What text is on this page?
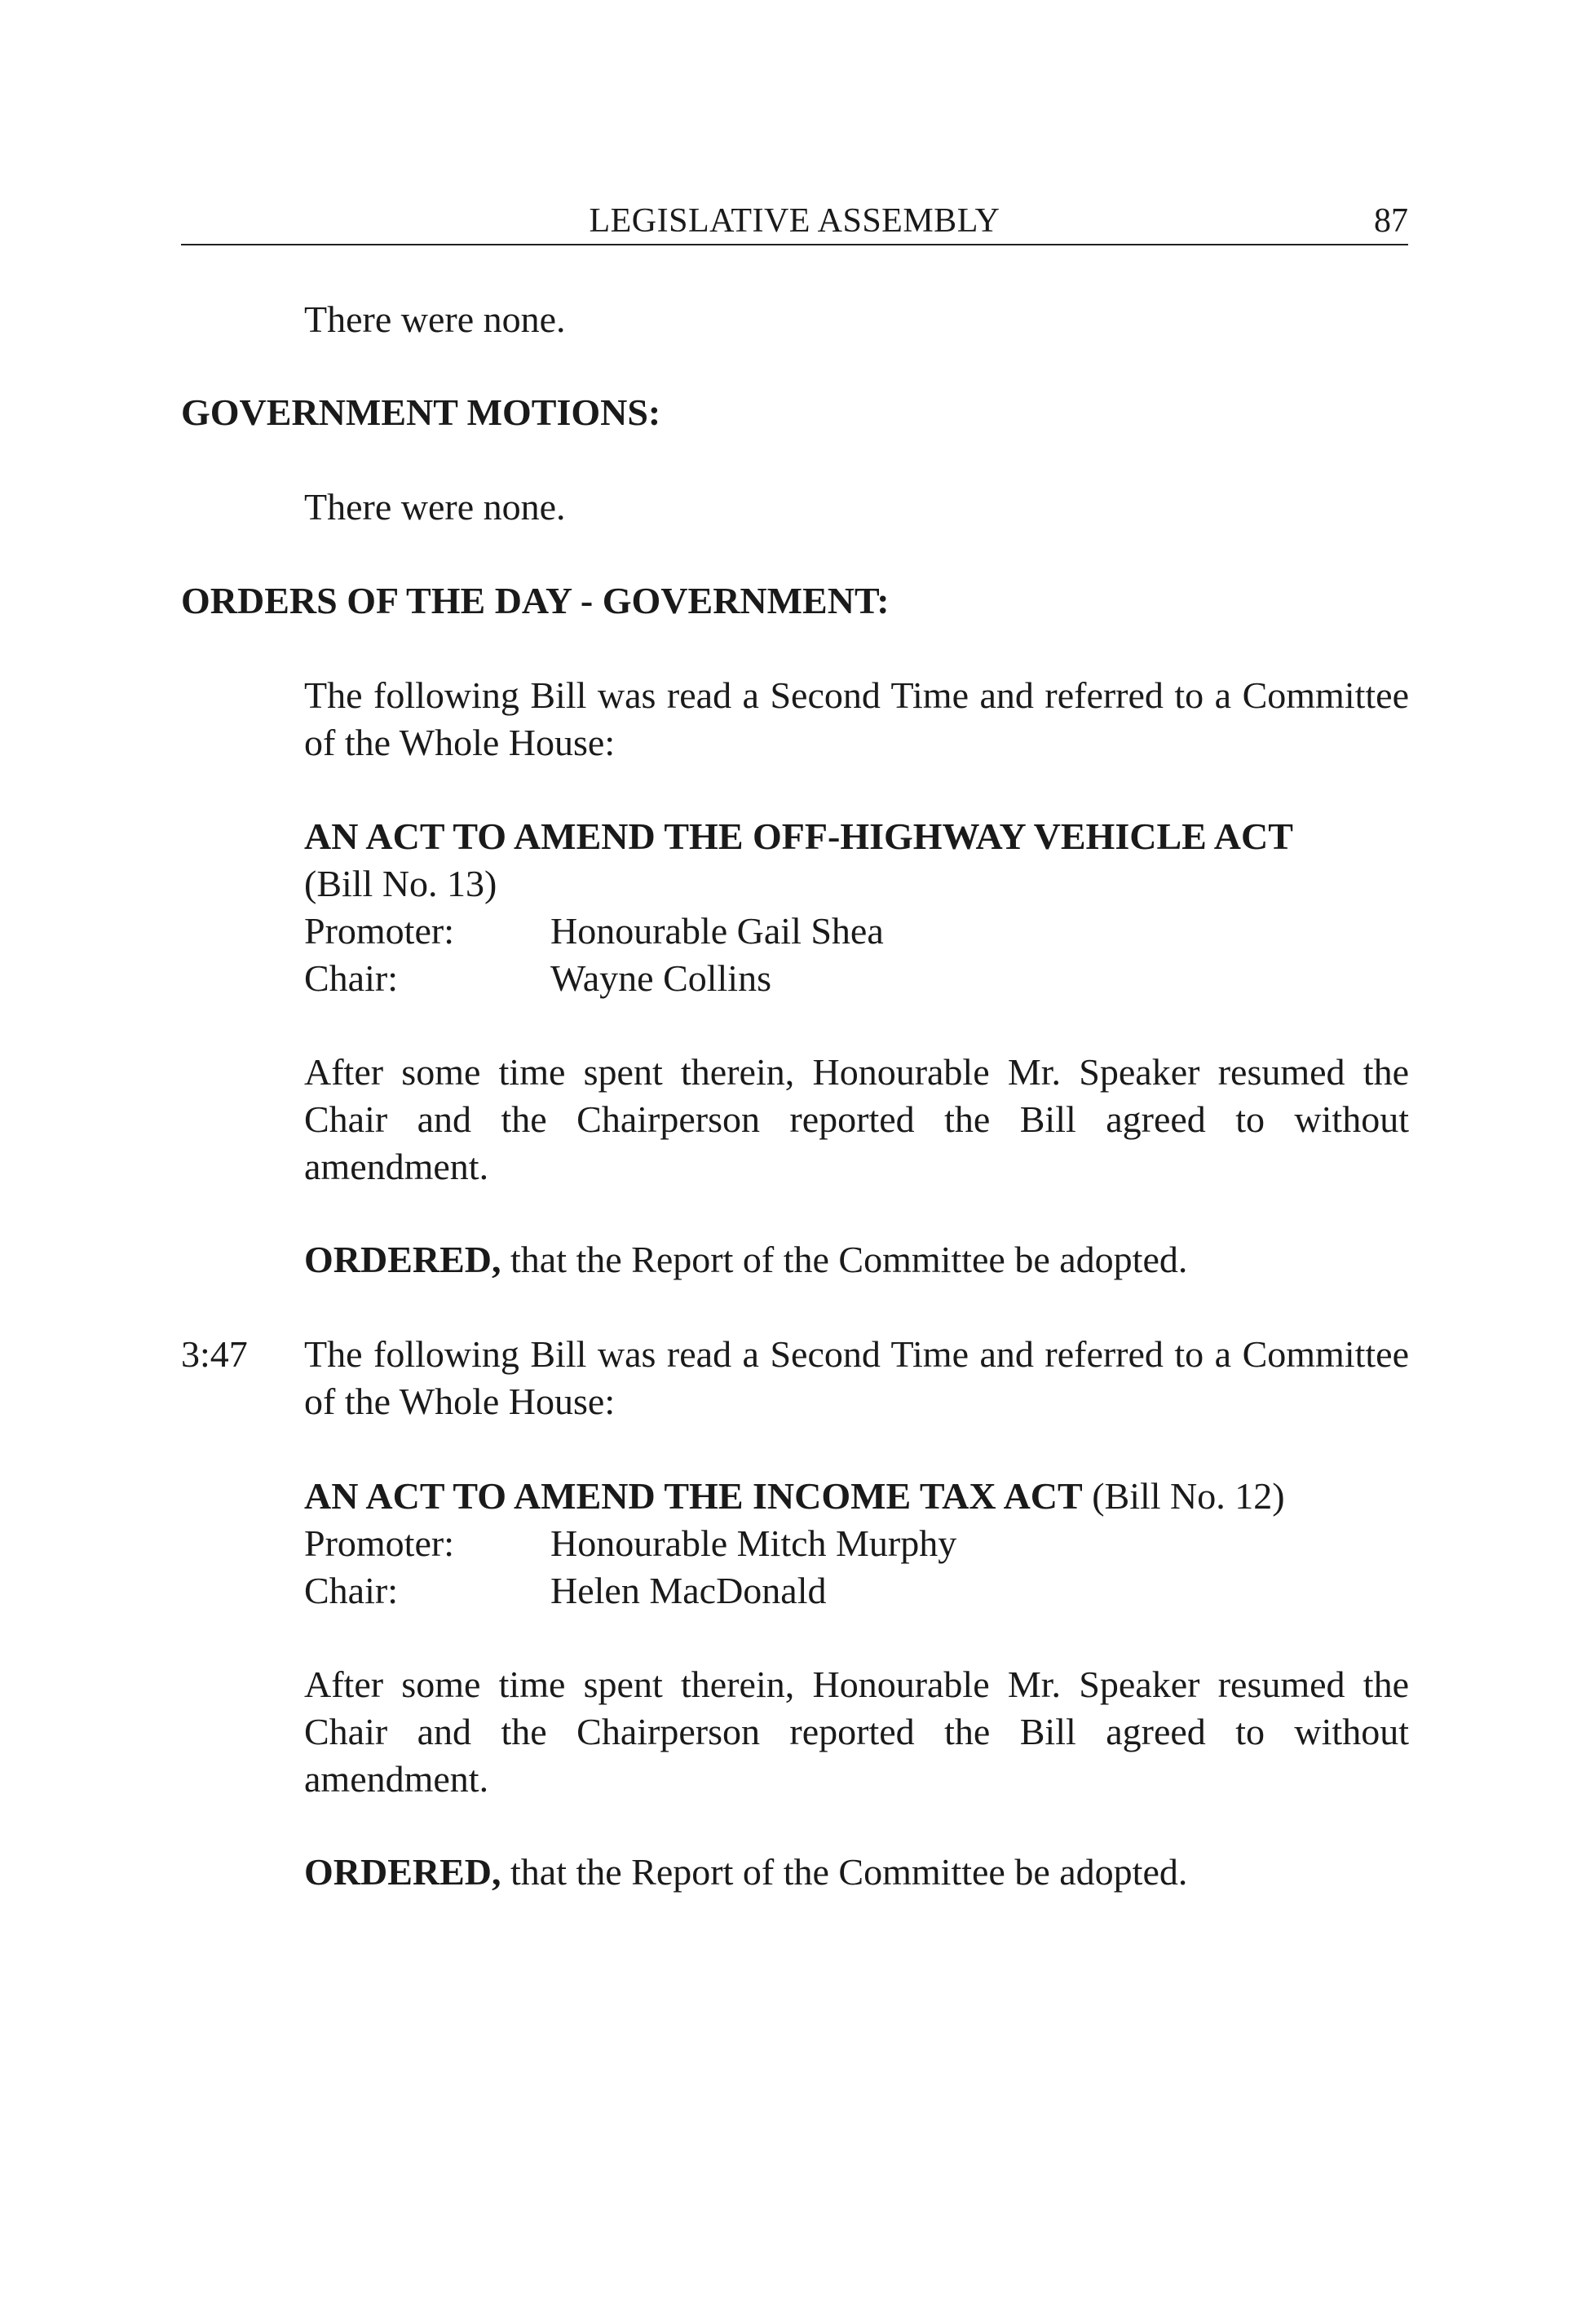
LEGISLATIVE ASSEMBLY	87
There were none.
GOVERNMENT MOTIONS:
There were none.
ORDERS OF THE DAY - GOVERNMENT:
The following Bill was read a Second Time and referred to a Committee of the Whole House:
AN ACT TO AMEND THE OFF-HIGHWAY VEHICLE ACT
(Bill No. 13)
Promoter:	Honourable Gail Shea
Chair:	Wayne Collins
After some time spent therein, Honourable Mr. Speaker resumed the Chair and the Chairperson reported the Bill agreed to without amendment.
ORDERED, that the Report of the Committee be adopted.
3:47 The following Bill was read a Second Time and referred to a Committee of the Whole House:
AN ACT TO AMEND THE INCOME TAX ACT (Bill No. 12)
Promoter:	Honourable Mitch Murphy
Chair:	Helen MacDonald
After some time spent therein, Honourable Mr. Speaker resumed the Chair and the Chairperson reported the Bill agreed to without amendment.
ORDERED, that the Report of the Committee be adopted.
